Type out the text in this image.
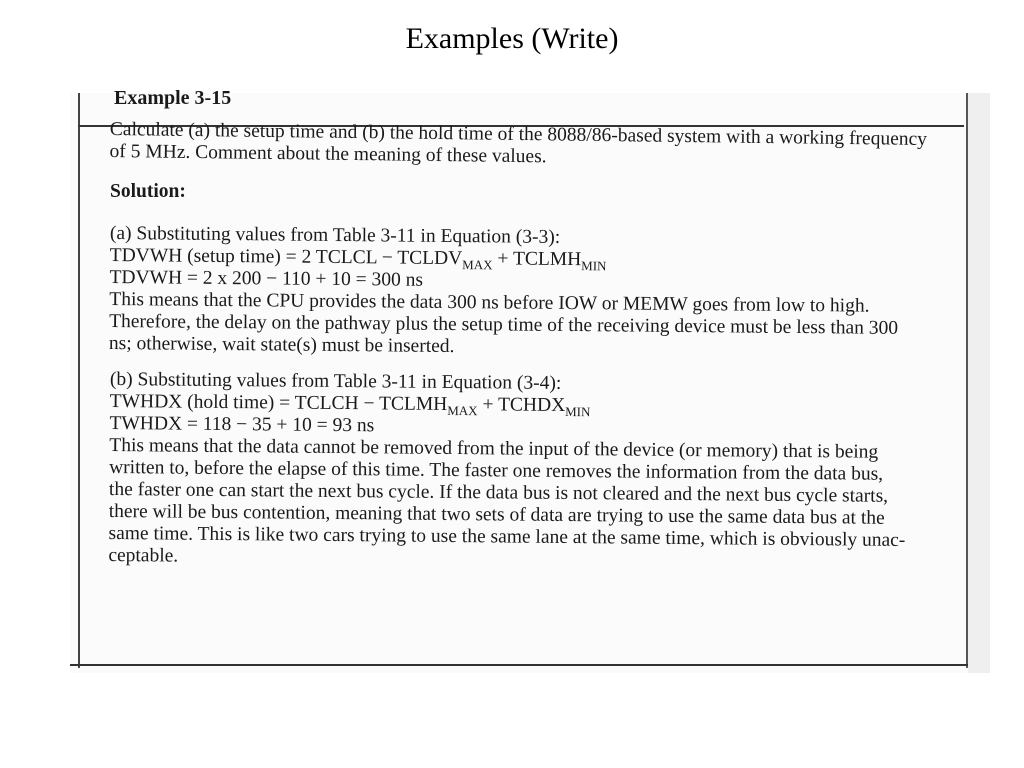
Examples (Write)
Example 3-15

Calculate (a) the setup time and (b) the hold time of the 8088/86-based system with a working frequency of 5 MHz. Comment about the meaning of these values.

Solution:
(a) Substituting values from Table 3-11 in Equation (3-3):
TDVWH (setup time) = 2 TCLCL − $TCLDV_{MAX}$ + $TCLMH_{MIN}$
TDVWH = 2 x 200 − 110 + 10 = 300 ns
This means that the CPU provides the data 300 ns before IOW or MEMW goes from low to high.
Therefore, the delay on the pathway plus the setup time of the receiving device must be less than 300
ns; otherwise, wait state(s) must be inserted.
(b) Substituting values from Table 3-11 in Equation (3-4):
TWHDX (hold time) = TCLCH − $TCLMH_{MAX}$ + $TCHDX_{MIN}$
TWHDX = 118 − 35 + 10 = 93 ns
This means that the data cannot be removed from the input of the device (or memory) that is being
written to, before the elapse of this time. The faster one removes the information from the data bus,
the faster one can start the next bus cycle. If the data bus is not cleared and the next bus cycle starts,
there will be bus contention, meaning that two sets of data are trying to use the same data bus at the
same time. This is like two cars trying to use the same lane at the same time, which is obviously unac-
ceptable.
